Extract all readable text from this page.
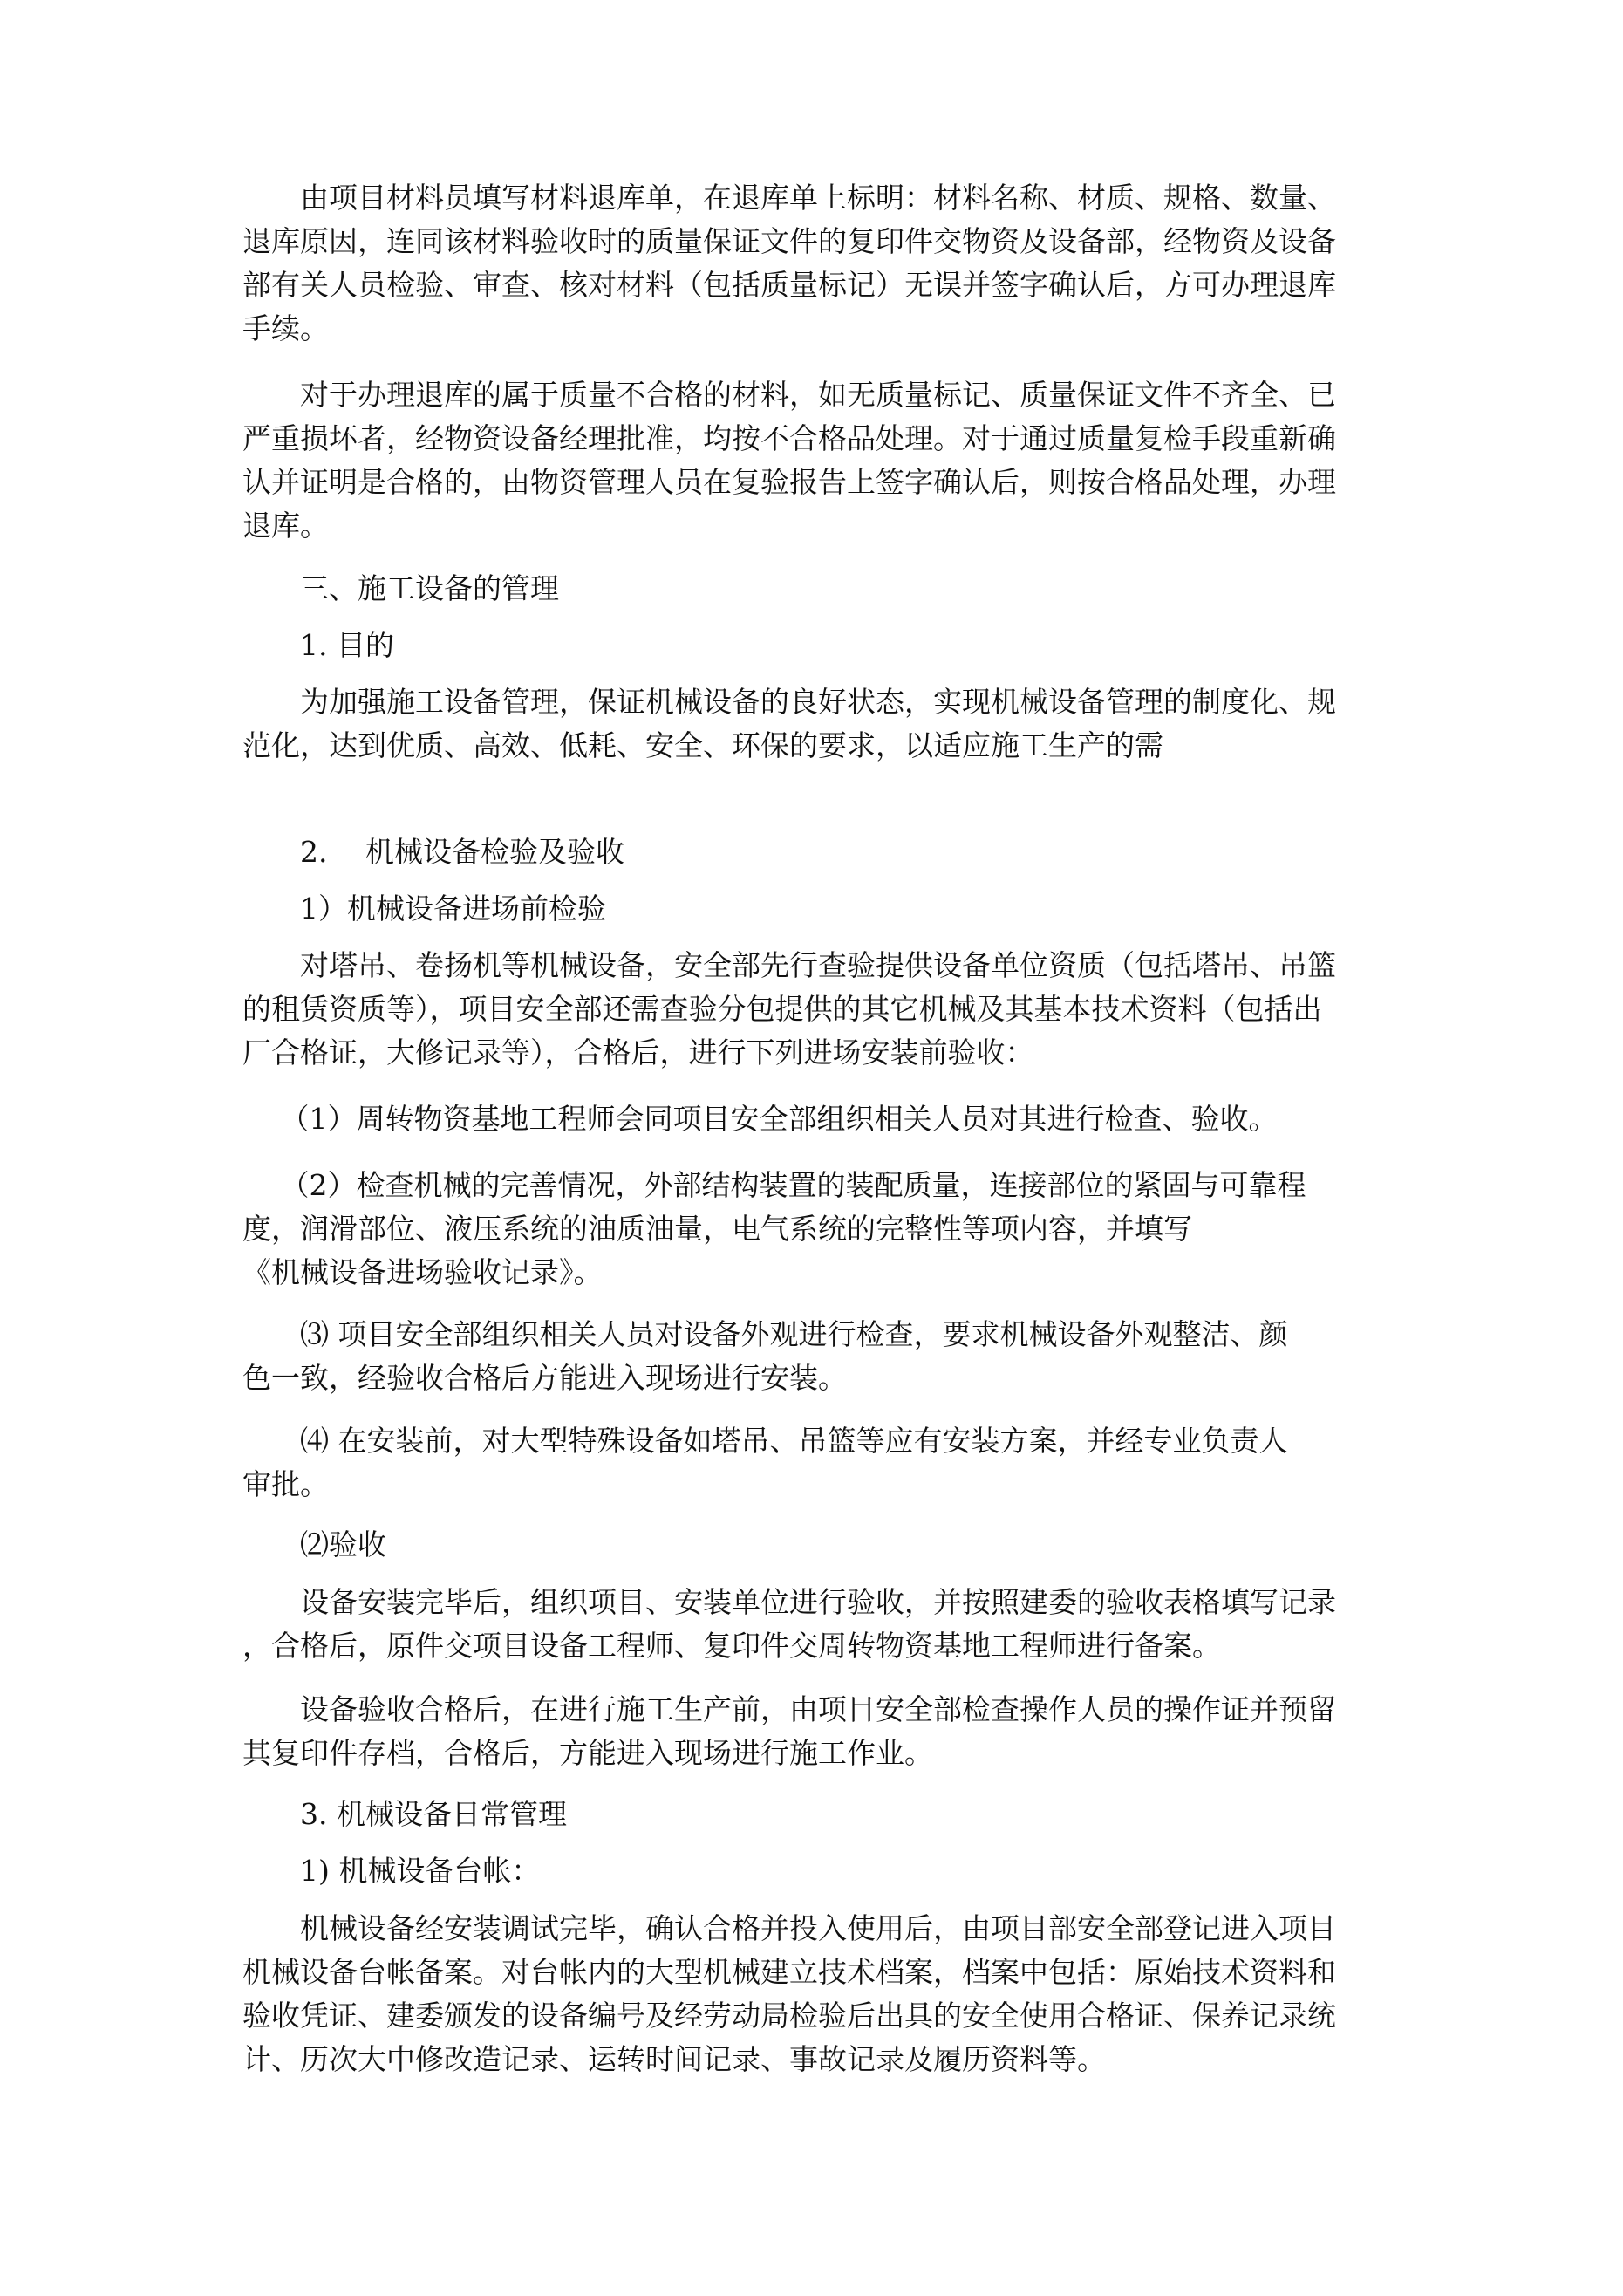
　　由项目材料员填写材料退库单，在退库单上标明：材料名称、材质、规格、数量、
退库原因，连同该材料验收时的质量保证文件的复印件交物资及设备部，经物资及设备
部有关人员检验、审查、核对材料（包括质量标记）无误并签字确认后，方可办理退库
手续。
　　对于办理退库的属于质量不合格的材料，如无质量标记、质量保证文件不齐全、已
严重损坏者，经物资设备经理批准，均按不合格品处理。对于通过质量复检手段重新确
认并证明是合格的，由物资管理人员在复验报告上签字确认后，则按合格品处理，办理
退库。
　　三、施工设备的管理
　　1. 目的
　　为加强施工设备管理，保证机械设备的良好状态，实现机械设备管理的制度化、规
范化，达到优质、高效、低耗、安全、环保的要求，以适应施工生产的需
　　2.　 机械设备检验及验收
　　1）机械设备进场前检验
　　对塔吊、卷扬机等机械设备，安全部先行查验提供设备单位资质（包括塔吊、吊篮
的租赁资质等），项目安全部还需查验分包提供的其它机械及其基本技术资料（包括出
厂合格证，大修记录等），合格后，进行下列进场安装前验收：
　 （1）周转物资基地工程师会同项目安全部组织相关人员对其进行检查、验收。
　 （2）检查机械的完善情况，外部结构装置的装配质量，连接部位的紧固与可靠程
度，润滑部位、液压系统的油质油量，电气系统的完整性等项内容，并填写
《机械设备进场验收记录》。
　　⑶ 项目安全部组织相关人员对设备外观进行检查，要求机械设备外观整洁、颜
色一致，经验收合格后方能进入现场进行安装。
　　⑷ 在安装前，对大型特殊设备如塔吊、吊篮等应有安装方案，并经专业负责人
审批。
　　⑵验收
　　设备安装完毕后，组织项目、安装单位进行验收，并按照建委的验收表格填写记录
，合格后，原件交项目设备工程师、复印件交周转物资基地工程师进行备案。
　　设备验收合格后，在进行施工生产前，由项目安全部检查操作人员的操作证并预留
其复印件存档，合格后，方能进入现场进行施工作业。
　　3. 机械设备日常管理
　　1) 机械设备台帐：
　　机械设备经安装调试完毕，确认合格并投入使用后，由项目部安全部登记进入项目
机械设备台帐备案。对台帐内的大型机械建立技术档案，档案中包括：原始技术资料和
验收凭证、建委颁发的设备编号及经劳动局检验后出具的安全使用合格证、保养记录统
计、历次大中修改造记录、运转时间记录、事故记录及履历资料等。
